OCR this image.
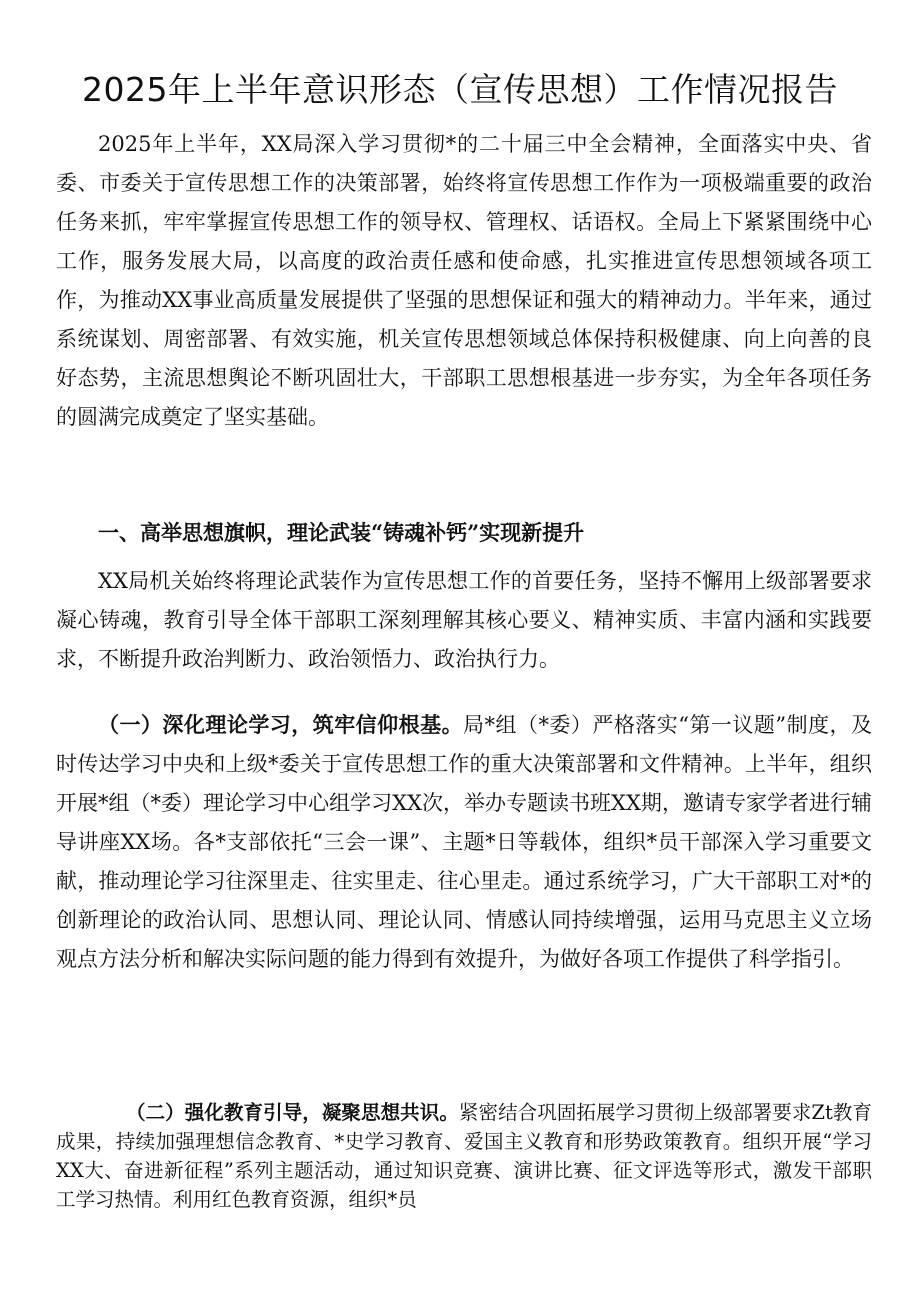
2025年上半年意识形态（宣传思想）工作情况报告

2025年上半年，XX局深入学习贯彻*的二十届三中全会精神，全面落实中央、省委、市委关于宣传思想工作的决策部署，始终将宣传思想工作作为一项极端重要的政治任务来抓，牢牢掌握宣传思想工作的领导权、管理权、话语权。全局上下紧紧围绕中心工作，服务发展大局，以高度的政治责任感和使命感，扎实推进宣传思想领域各项工作，为推动XX事业高质量发展提供了坚强的思想保证和强大的精神动力。半年来，通过系统谋划、周密部署、有效实施，机关宣传思想领域总体保持积极健康、向上向善的良好态势，主流思想舆论不断巩固壮大，干部职工思想根基进一步夯实，为全年各项任务的圆满完成奠定了坚实基础。

一、高举思想旗帜，理论武装“铸魂补钙”实现新提升

XX局机关始终将理论武装作为宣传思想工作的首要任务，坚持不懈用上级部署要求凝心铸魂，教育引导全体干部职工深刻理解其核心要义、精神实质、丰富内涵和实践要求，不断提升政治判断力、政治领悟力、政治执行力。

（一）深化理论学习，筑牢信仰根基。局*组（*委）严格落实“第一议题”制度，及时传达学习中央和上级*委关于宣传思想工作的重大决策部署和文件精神。上半年，组织开展*组（*委）理论学习中心组学习XX次，举办专题读书班XX期，邀请专家学者进行辅导讲座XX场。各*支部依托“三会一课”、主题*日等载体，组织*员干部深入学习重要文献，推动理论学习往深里走、往实里走、往心里走。通过系统学习，广大干部职工对*的创新理论的政治认同、思想认同、理论认同、情感认同持续增强，运用马克思主义立场观点方法分析和解决实际问题的能力得到有效提升，为做好各项工作提供了科学指引。

（二）强化教育引导，凝聚思想共识。紧密结合巩固拓展学习贯彻上级部署要求Zt教育成果，持续加强理想信念教育、*史学习教育、爱国主义教育和形势政策教育。组织开展“学习XX大、奋进新征程”系列主题活动，通过知识竞赛、演讲比赛、征文评选等形式，激发干部职工学习热情。利用红色教育资源，组织*员
